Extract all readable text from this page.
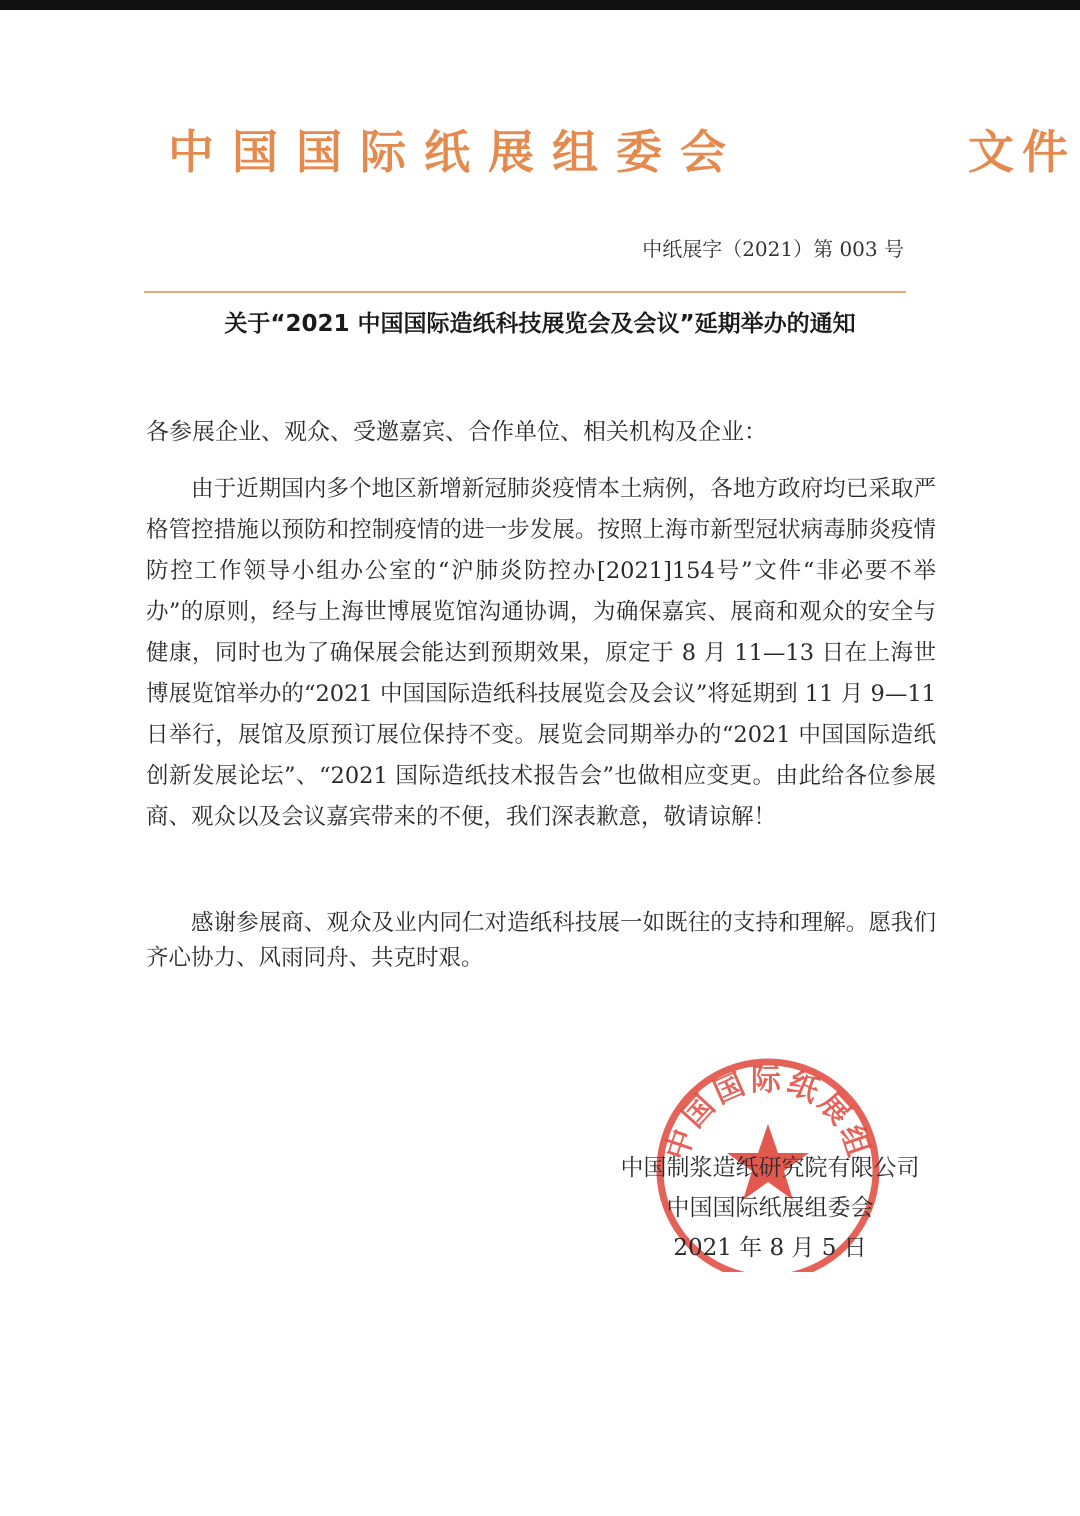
中国国际纸展组委会	文件
中纸展字（2021）第 003 号
关于“2021 中国国际造纸科技展览会及会议”延期举办的通知
各参展企业、观众、受邀嘉宾、合作单位、相关机构及企业：

由于近期国内多个地区新增新冠肺炎疫情本土病例，各地方政府均已采取严格管控措施以预防和控制疫情的进一步发展。按照上海市新型冠状病毒肺炎疫情防控工作领导小组办公室的“沪肺炎防控办[2021]154号”文件“非必要不举办”的原则，经与上海世博展览馆沟通协调，为确保嘉宾、展商和观众的安全与健康，同时也为了确保展会能达到预期效果，原定于 8 月 11—13 日在上海世博展览馆举办的“2021 中国国际造纸科技展览会及会议”将延期到 11 月 9—11 日举行，展馆及原预订展位保持不变。展览会同期举办的“2021 中国国际造纸创新发展论坛”、“2021 国际造纸技术报告会”也做相应变更。由此给各位参展商、观众以及会议嘉宾带来的不便，我们深表歉意，敬请谅解！

感谢参展商、观众及业内同仁对造纸科技展一如既往的支持和理解。愿我们齐心协力、风雨同舟、共克时艰。

中国国际纸展组
中国制浆造纸研究院有限公司
中国国际纸展组委会
2021 年 8 月 5 日
